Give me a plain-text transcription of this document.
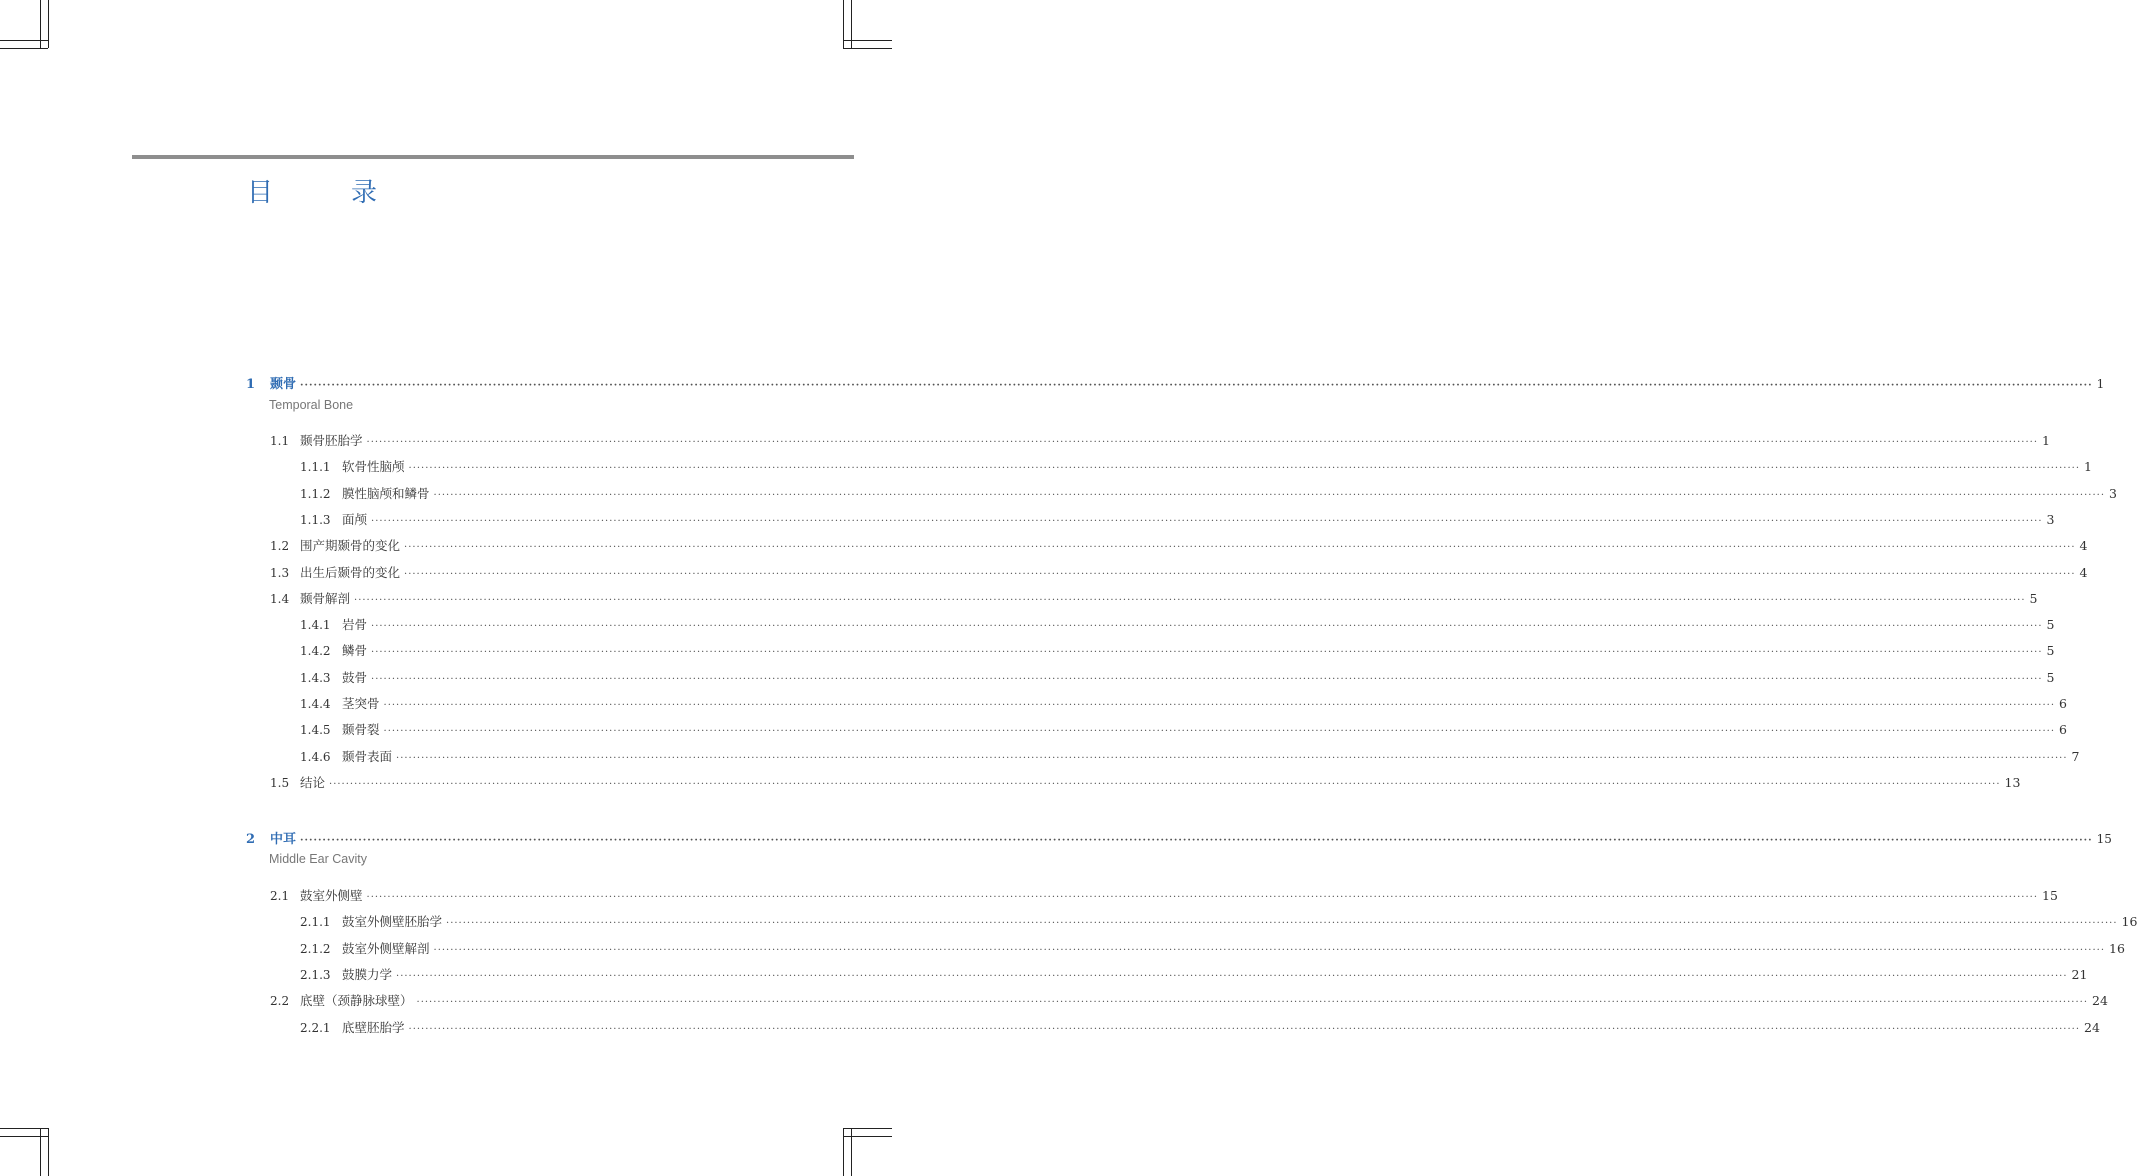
目　录
1	颞骨 ················································································································································································································································································································································································································ 1
Temporal Bone
1.1 颞骨胚胎学 ················································································································································································································································································································································································································ 1
1.1.1 软骨性脑颅 ················································································································································································································································································································································································································ 1
1.1.2 膜性脑颅和鳞骨 ················································································································································································································································································································································································································ 3
1.1.3 面颅 ················································································································································································································································································································································································································ 3
1.2 围产期颞骨的变化 ················································································································································································································································································································································································································ 4
1.3 出生后颞骨的变化 ················································································································································································································································································································································································································ 4
1.4 颞骨解剖 ················································································································································································································································································································································································································ 5
1.4.1 岩骨 ················································································································································································································································································································································································································ 5
1.4.2 鳞骨 ················································································································································································································································································································································································································ 5
1.4.3 鼓骨 ················································································································································································································································································································································································································ 5
1.4.4 茎突骨 ················································································································································································································································································································································································································ 6
1.4.5 颞骨裂 ················································································································································································································································································································································································································ 6
1.4.6 颞骨表面 ················································································································································································································································································································································································································ 7
1.5 结论 ················································································································································································································································································································································································································ 13
2	中耳 ················································································································································································································································································································································································································ 15
Middle Ear Cavity
2.1 鼓室外侧壁 ················································································································································································································································································································································································································ 15
2.1.1 鼓室外侧壁胚胎学 ················································································································································································································································································································································································································ 16
2.1.2 鼓室外侧壁解剖 ················································································································································································································································································································································································································ 16
2.1.3 鼓膜力学 ················································································································································································································································································································································································································ 21
2.2 底壁（颈静脉球壁） ················································································································································································································································································································································································································ 24
2.2.1 底壁胚胎学 ················································································································································································································································································································································································································ 24
